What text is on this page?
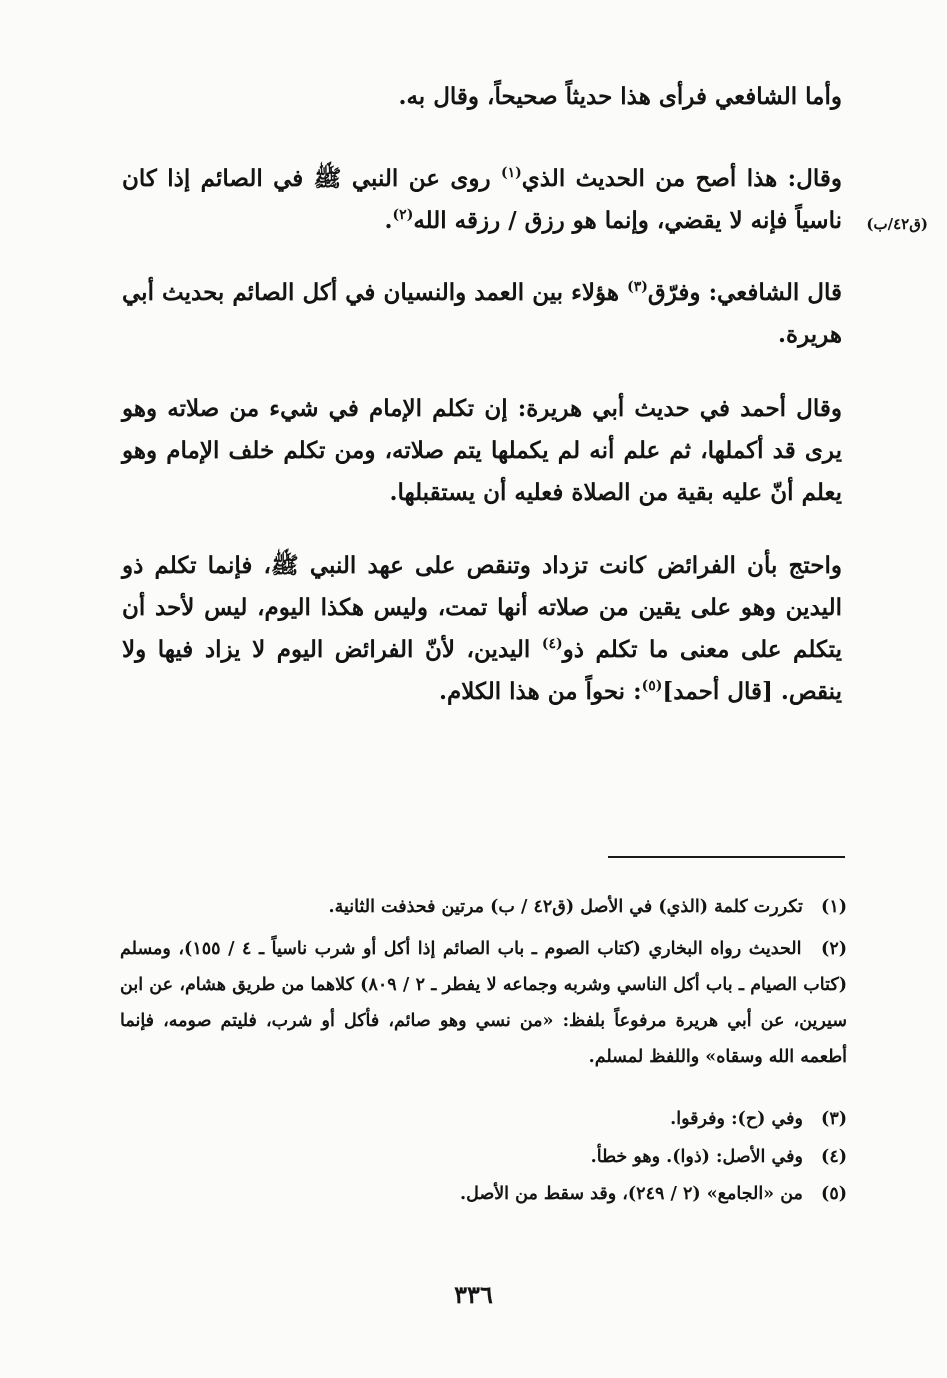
وأما الشافعي فرأى هذا حديثاً صحيحاً، وقال به.

وقال: هذا أصح من الحديث الذي$^{(١)}$ روى عن النبي ﷺ في الصائم إذا كان ناسياً فإنه لا يقضي، وإنما هو رزق / رزقه الله$^{(٢)}$.	(ق٤٢/ب)

قال الشافعي: وفرّق$^{(٣)}$ هؤلاء بين العمد والنسيان في أكل الصائم بحديث أبي هريرة.

وقال أحمد في حديث أبي هريرة: إن تكلم الإمام في شيء من صلاته وهو يرى قد أكملها، ثم علم أنه لم يكملها يتم صلاته، ومن تكلم خلف الإمام وهو يعلم أنّ عليه بقية من الصلاة فعليه أن يستقبلها.

واحتج بأن الفرائض كانت تزداد وتنقص على عهد النبي ﷺ، فإنما تكلم ذو اليدين وهو على يقين من صلاته أنها تمت، وليس هكذا اليوم، ليس لأحد أن يتكلم على معنى ما تكلم ذو$^{(٤)}$ اليدين، لأنّ الفرائض اليوم لا يزاد فيها ولا ينقص. [قال أحمد]$^{(٥)}$: نحواً من هذا الكلام.

(١) تكررت كلمة (الذي) في الأصل (ق٤٢ / ب) مرتين فحذفت الثانية.
(٢) الحديث رواه البخاري (كتاب الصوم ـ باب الصائم إذا أكل أو شرب ناسياً ـ ٤ / ١٥٥)، ومسلم (كتاب الصيام ـ باب أكل الناسي وشربه وجماعه لا يفطر ـ ٢ / ٨٠٩) كلاهما من طريق هشام، عن ابن سيرين، عن أبي هريرة مرفوعاً بلفظ: «من نسي وهو صائم، فأكل أو شرب، فليتم صومه، فإنما أطعمه الله وسقاه» واللفظ لمسلم.
(٣) وفي (ح): وفرقوا.
(٤) وفي الأصل: (ذوا). وهو خطأ.
(٥) من «الجامع» (٢ / ٢٤٩)، وقد سقط من الأصل.
٣٣٦
